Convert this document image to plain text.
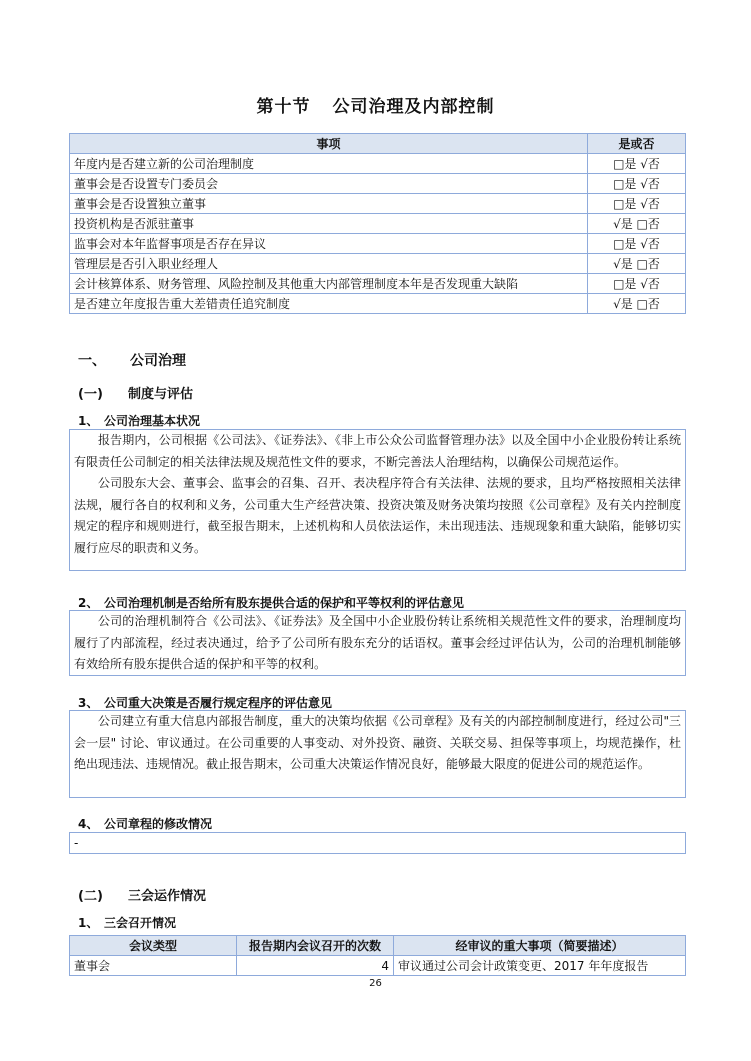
第十节 公司治理及内部控制
事项	是或否
年度内是否建立新的公司治理制度	□是 √否
董事会是否设置专门委员会	□是 √否
董事会是否设置独立董事	□是 √否
投资机构是否派驻董事	√是 □否
监事会对本年监督事项是否存在异议	□是 √否
管理层是否引入职业经理人	√是 □否
会计核算体系、财务管理、风险控制及其他重大内部管理制度本年是否发现重大缺陷	□是 √否
是否建立年度报告重大差错责任追究制度	√是 □否
一、 公司治理
(一) 制度与评估
1、 公司治理基本状况

报告期内，公司根据《公司法》、《证券法》、《非上市公众公司监督管理办法》以及全国中小企业股份转让系统有限责任公司制定的相关法律法规及规范性文件的要求，不断完善法人治理结构，以确保公司规范运作。

公司股东大会、董事会、监事会的召集、召开、表决程序符合有关法律、法规的要求，且均严格按照相关法律法规，履行各自的权利和义务，公司重大生产经营决策、投资决策及财务决策均按照《公司章程》及有关内控制度规定的程序和规则进行，截至报告期末，上述机构和人员依法运作，未出现违法、违规现象和重大缺陷，能够切实履行应尽的职责和义务。

2、 公司治理机制是否给所有股东提供合适的保护和平等权利的评估意见

公司的治理机制符合《公司法》、《证券法》及全国中小企业股份转让系统相关规范性文件的要求，治理制度均履行了内部流程，经过表决通过，给予了公司所有股东充分的话语权。董事会经过评估认为，公司的治理机制能够有效给所有股东提供合适的保护和平等的权利。

3、 公司重大决策是否履行规定程序的评估意见

公司建立有重大信息内部报告制度，重大的决策均依据《公司章程》及有关的内部控制制度进行，经过公司"三会一层" 讨论、审议通过。在公司重要的人事变动、对外投资、融资、关联交易、担保等事项上，均规范操作，杜绝出现违法、违规情况。截止报告期末，公司重大决策运作情况良好，能够最大限度的促进公司的规范运作。

4、 公司章程的修改情况
-
(二) 三会运作情况
1、 三会召开情况
会议类型	报告期内会议召开的次数	经审议的重大事项（简要描述）
董事会	4	审议通过公司会计政策变更、2017 年年度报告
26
